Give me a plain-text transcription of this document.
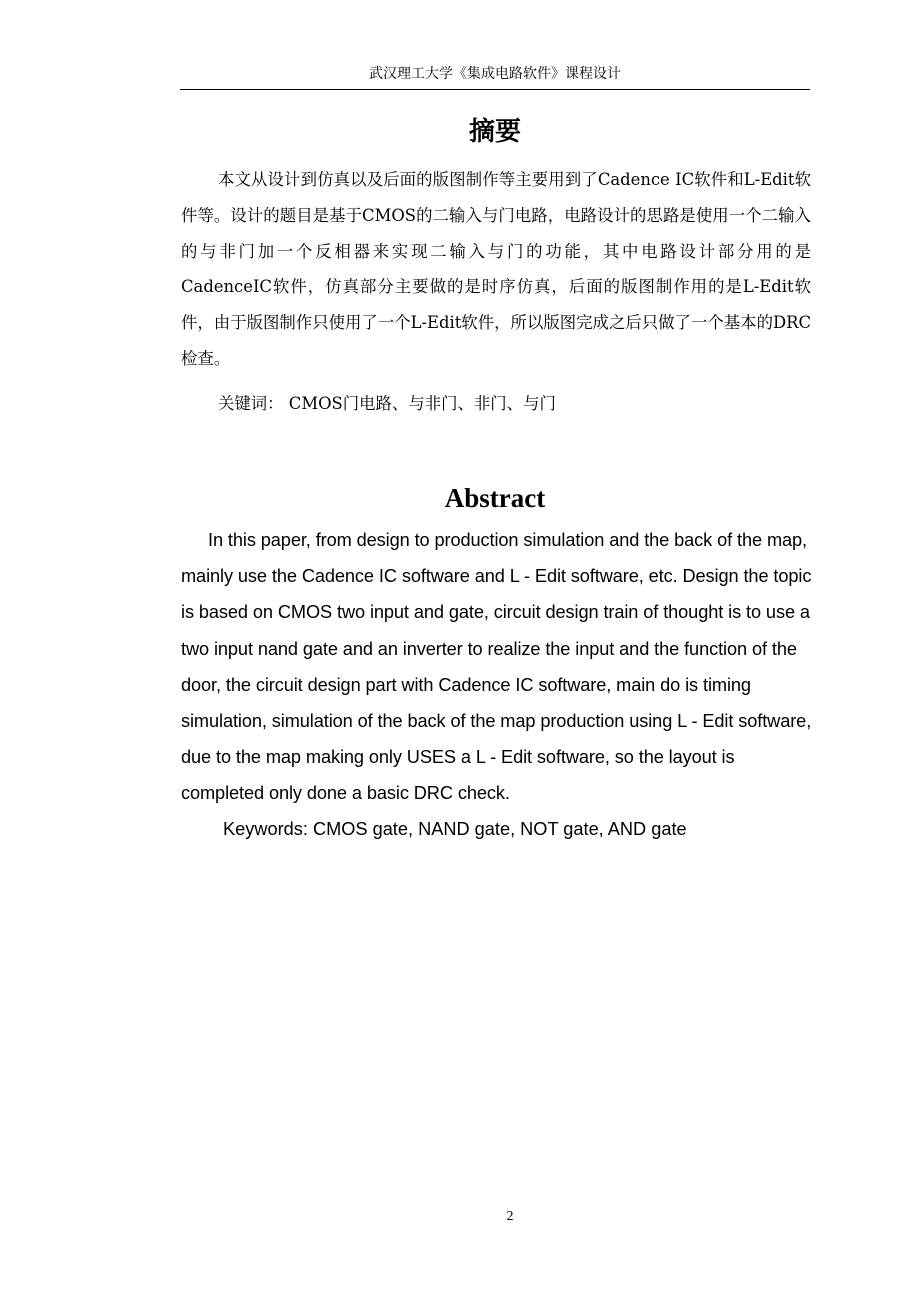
武汉理工大学《集成电路软件》课程设计
摘要

本文从设计到仿真以及后面的版图制作等主要用到了Cadence IC软件和L-Edit软件等。设计的题目是基于CMOS的二输入与门电路，电路设计的思路是使用一个二输入的与非门加一个反相器来实现二输入与门的功能，其中电路设计部分用的是CadenceIC软件，仿真部分主要做的是时序仿真，后面的版图制作用的是L-Edit软件，由于版图制作只使用了一个L-Edit软件，所以版图完成之后只做了一个基本的DRC检查。

关键词： CMOS门电路、与非门、非门、与门
Abstract

In this paper, from design to production simulation and the back of the map, mainly use the Cadence IC software and L - Edit software, etc. Design the topic is based on CMOS two input and gate, circuit design train of thought is to use a two input nand gate and an inverter to realize the input and the function of the door, the circuit design part with Cadence IC software, main do is timing simulation, simulation of the back of the map production using L - Edit software, due to the map making only USES a L - Edit software, so the layout is completed only done a basic DRC check.

Keywords: CMOS gate, NAND gate, NOT gate, AND gate
2
